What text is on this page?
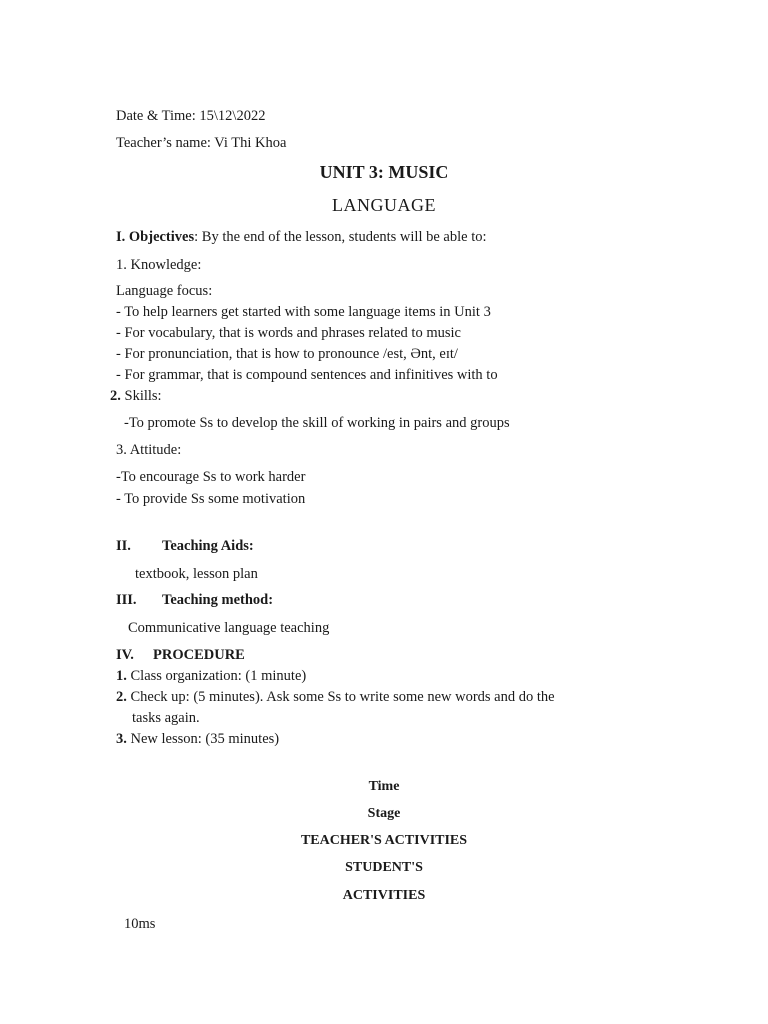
Date & Time: 15\12\2022
Teacher’s name: Vi Thi Khoa
UNIT 3: MUSIC
LANGUAGE
I. Objectives: By the end of the lesson, students will be able to:
1. Knowledge:
Language focus:
- To help learners get started with some language items in Unit 3
- For vocabulary, that is words and phrases related to music
- For pronunciation, that is how to pronounce /est, Ənt, eɪt/
- For grammar, that is compound sentences and infinitives with to
2. Skills:
-To promote Ss to develop the skill of working in pairs and groups
3. Attitude:
-To encourage Ss to work harder
- To provide Ss some motivation
II. Teaching Aids:
textbook, lesson plan
III. Teaching method:
Communicative language teaching
IV. PROCEDURE
1. Class organization: (1 minute)
2. Check up: (5 minutes). Ask some Ss to write some new words and do the
tasks again.
3. New lesson: (35 minutes)
Time
Stage
TEACHER'S ACTIVITIES
STUDENT'S
ACTIVITIES
10ms
